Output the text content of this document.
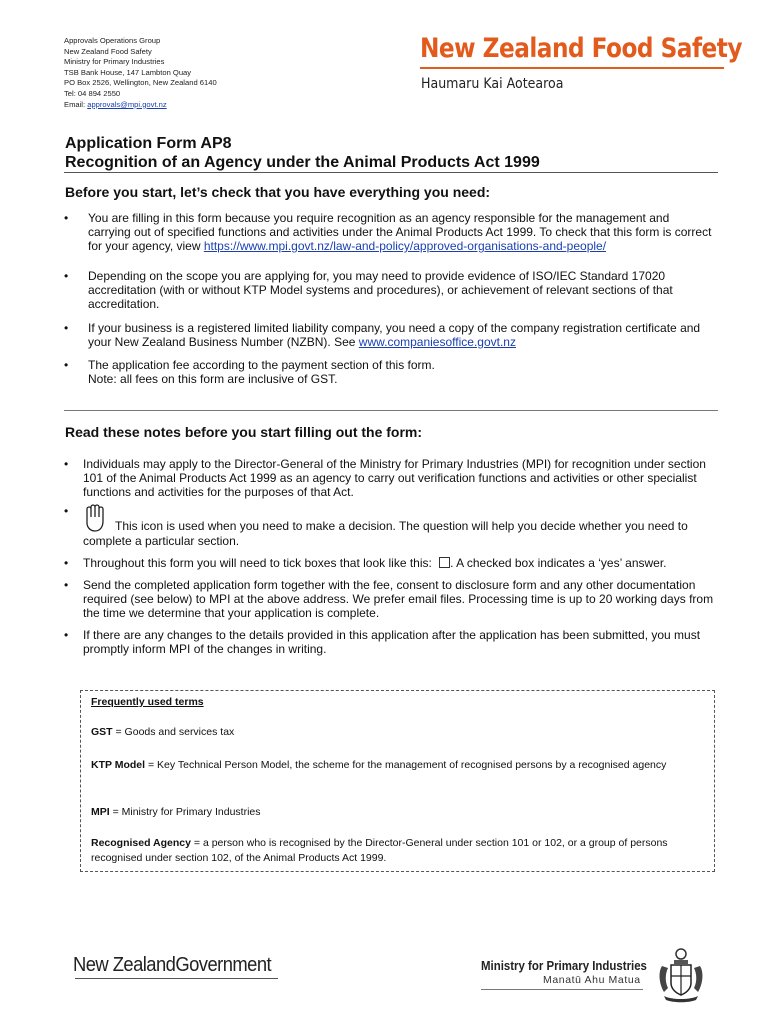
Approvals Operations Group
New Zealand Food Safety
Ministry for Primary Industries
TSB Bank House, 147 Lambton Quay
PO Box 2526, Wellington, New Zealand 6140
Tel: 04 894 2550
Email: approvals@mpi.govt.nz
New Zealand Food Safety
Haumaru Kai Aotearoa
Application Form AP8
Recognition of an Agency under the Animal Products Act 1999
Before you start, let’s check that you have everything you need:
• You are filling in this form because you require recognition as an agency responsible for the management and carrying out of specified functions and activities under the Animal Products Act 1999. To check that this form is correct for your agency, view https://www.mpi.govt.nz/law-and-policy/approved-organisations-and-people/
• Depending on the scope you are applying for, you may need to provide evidence of ISO/IEC Standard 17020 accreditation (with or without KTP Model systems and procedures), or achievement of relevant sections of that accreditation.
• If your business is a registered limited liability company, you need a copy of the company registration certificate and your New Zealand Business Number (NZBN). See www.companiesoffice.govt.nz
• The application fee according to the payment section of this form.
Note: all fees on this form are inclusive of GST.
Read these notes before you start filling out the form:
• Individuals may apply to the Director-General of the Ministry for Primary Industries (MPI) for recognition under section 101 of the Animal Products Act 1999 as an agency to carry out verification functions and activities or other specialist functions and activities for the purposes of that Act.
• This icon is used when you need to make a decision. The question will help you decide whether you need to complete a particular section.
• Throughout this form you will need to tick boxes that look like this: . A checked box indicates a ‘yes’ answer.
• Send the completed application form together with the fee, consent to disclosure form and any other documentation required (see below) to MPI at the above address. We prefer email files. Processing time is up to 20 working days from the time we determine that your application is complete.
• If there are any changes to the details provided in this application after the application has been submitted, you must promptly inform MPI of the changes in writing.

Frequently used terms

GST = Goods and services tax

KTP Model = Key Technical Person Model, the scheme for the management of recognised persons by a recognised agency

MPI = Ministry for Primary Industries

Recognised Agency = a person who is recognised by the Director-General under section 101 or 102, or a group of persons recognised under section 102, of the Animal Products Act 1999.

New ZealandGovernment	Ministry for Primary Industries
Manatū Ahu Matua
